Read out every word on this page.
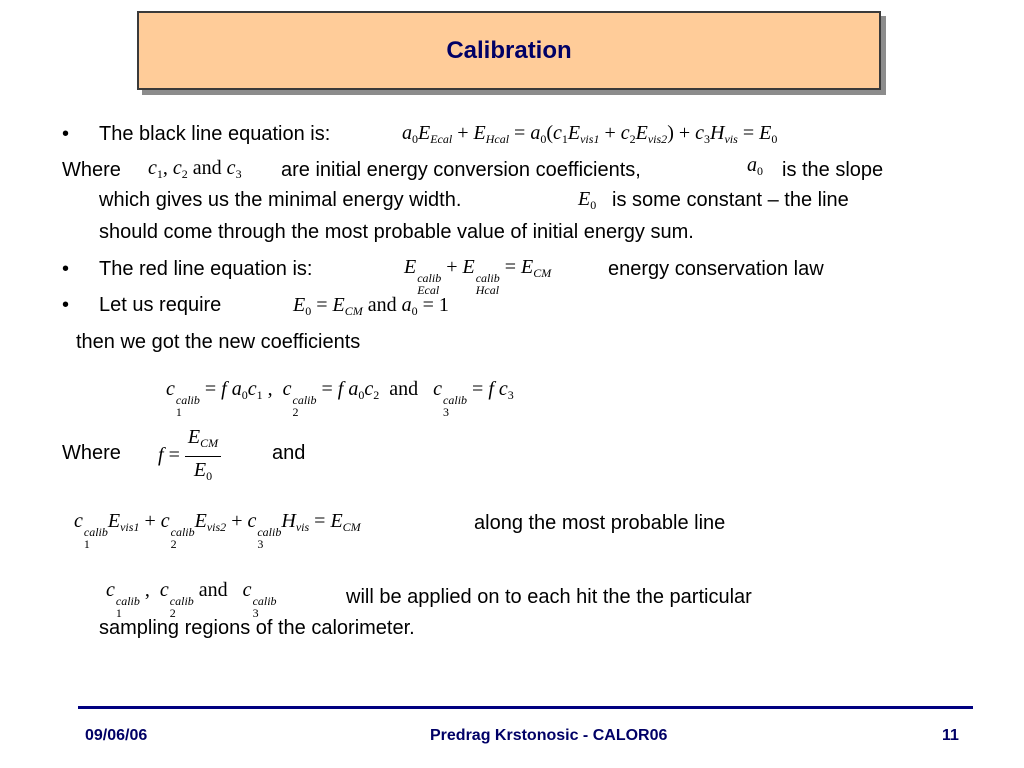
Calibration
• The black line equation is:	$a_0E_{Ecal} + E_{Hcal} = a_0(c_1E_{vis1} + c_2E_{vis2}) + c_3H_{vis} = E_0$
Where $c_1$, $c_2$ and $c_3$ are initial energy conversion coefficients,	$a_0$ is the slope
which gives us the minimal energy width.	$E_0$ is some constant – the line
should come through the most probable value of initial energy sum.
• The red line equation is:	E calib
Ecal
+ E calib
Hcal
= $E_{CM}$	energy conservation law
• Let us require	$E_0 = E_{CM}$ and $a_0 = 1$
then we got the new coefficients
c calib
1
= f $a_0c_1$ ,  c calib
2
= f $a_0c_2$ and c calib
3
= f $c_3$
Where $f = \frac{E_{CM}}{E_0}$	and
c calib
1
$E_{vis1} + c$ calib
2
$E_{vis2} + c$ calib
3
$H_{vis} = E_{CM}$	along the most probable line
c calib
1
,  c calib
2
and c calib
3
will be applied on to each hit the the particular
sampling regions of the calorimeter.
09/06/06	Predrag Krstonosic - CALOR06	11
